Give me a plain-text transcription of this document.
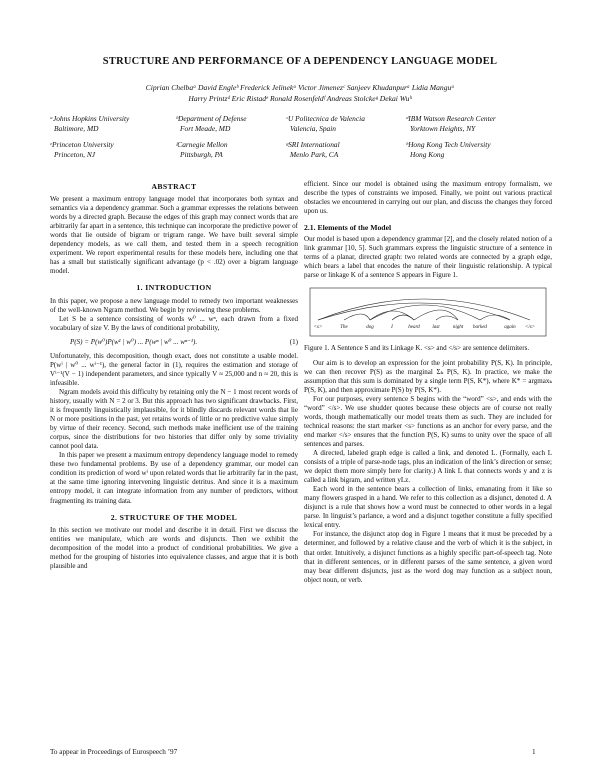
STRUCTURE AND PERFORMANCE OF A DEPENDENCY LANGUAGE MODEL
Ciprian Chelbaᵃ David Engleᵇ Frederick Jelinekᵃ Victor Jimenezᶜ Sanjeev Khudanpurᵃ Lidia Manguᵃ
Harry Printzᵈ Eric Ristadᵉ Ronald Rosenfeldᶠ Andreas Stolckeᵍ Dekai Wuʰ
ᵃJohns Hopkins University
Baltimore, MD
ᵇDepartment of Defense
Fort Meade, MD
ᶜU Politecnica de Valencia
Valencia, Spain
ᵈIBM Watson Research Center
Yorktown Heights, NY
ᵉPrinceton University
Princeton, NJ
ᶠCarnegie Mellon
Pittsburgh, PA
ᵍSRI International
Menlo Park, CA
ʰHong Kong Tech University
Hong Kong
ABSTRACT

We present a maximum entropy language model that incorporates both syntax and semantics via a dependency grammar. Such a grammar expresses the relations between words by a directed graph. Because the edges of this graph may connect words that are arbitrarily far apart in a sentence, this technique can incorporate the predictive power of words that lie outside of bigram or trigram range. We have built several simple dependency models, as we call them, and tested them in a speech recognition experiment. We report experimental results for these models here, including one that has a small but statistically significant advantage (p < .02) over a bigram language model.

1. INTRODUCTION

In this paper, we propose a new language model to remedy two important weaknesses of the well-known Ngram method. We begin by reviewing these problems.

Let S be a sentence consisting of words w⁰ ... wⁿ, each drawn from a fixed vocabulary of size V. By the laws of conditional probability,

P(S) = P(w⁰)P(w¹ | w⁰) ... P(wⁿ | w⁰ ... wⁿ⁻¹).	(1)

Unfortunately, this decomposition, though exact, does not constitute a usable model. P(wⁱ | w⁰ ... wⁱ⁻¹), the general factor in (1), requires the estimation and storage of Vⁱ⁻¹(V − 1) independent parameters, and since typically V ≈ 25,000 and n ≈ 20, this is infeasible.

Ngram models avoid this difficulty by retaining only the N − 1 most recent words of history, usually with N = 2 or 3. But this approach has two significant drawbacks. First, it is frequently linguistically implausible, for it blindly discards relevant words that lie N or more positions in the past, yet retains words of little or no predictive value simply by virtue of their recency. Second, such methods make inefficient use of the training corpus, since the distributions for two histories that differ only by some triviality cannot pool data.

In this paper we present a maximum entropy dependency language model to remedy these two fundamental problems. By use of a dependency grammar, our model can condition its prediction of word wⁱ upon related words that lie arbitrarily far in the past, at the same time ignoring intervening linguistic detritus. And since it is a maximum entropy model, it can integrate information from any number of predictors, without fragmenting its training data.

2. STRUCTURE OF THE MODEL

In this section we motivate our model and describe it in detail. First we discuss the entities we manipulate, which are words and disjuncts. Then we exhibit the decomposition of the model into a product of conditional probabilities. We give a method for the grouping of histories into equivalence classes, and argue that it is both plausible and

efficient. Since our model is obtained using the maximum entropy formalism, we describe the types of constraints we imposed. Finally, we point out various practical obstacles we encountered in carrying out our plan, and discuss the changes they forced upon us.

2.1. Elements of the Model

Our model is based upon a dependency grammar [2], and the closely related notion of a link grammar [10, 5]. Such grammars express the linguistic structure of a sentence in terms of a planar, directed graph: two related words are connected by a graph edge, which bears a label that encodes the nature of their linguistic relationship. A typical parse or linkage K of a sentence S appears in Figure 1.

<s>	The	dog	I	heard	last	night barked	again </s>
Figure 1. A Sentence S and its Linkage K. <s> and </s> are sentence delimiters.

Our aim is to develop an expression for the joint probability P(S, K). In principle, we can then recover P(S) as the marginal Σₖ P(S, K). In practice, we make the assumption that this sum is dominated by a single term P(S, K*), where K* = argmaxₖ P(S, K), and then approximate P(S) by P(S, K*).

For our purposes, every sentence S begins with the “word” <s>, and ends with the “word” </s>. We use shudder quotes because these objects are of course not really words, though mathematically our model treats them as such. They are included for technical reasons: the start marker <s> functions as an anchor for every parse, and the end marker </s> ensures that the function P(S, K) sums to unity over the space of all sentences and parses.

A directed, labeled graph edge is called a link, and denoted L. (Formally, each L consists of a triple of parse-node tags, plus an indication of the link’s direction or sense; we depict them more simply here for clarity.) A link L that connects words y and z is called a link bigram, and written yLz.

Each word in the sentence bears a collection of links, emanating from it like so many flowers grasped in a hand. We refer to this collection as a disjunct, denoted d. A disjunct is a rule that shows how a word must be connected to other words in a legal parse. In linguist’s parlance, a word and a disjunct together constitute a fully specified lexical entry.

For instance, the disjunct atop dog in Figure 1 means that it must be preceded by a determiner, and followed by a relative clause and the verb of which it is the subject, in that order. Intuitively, a disjunct functions as a highly specific part-of-speech tag. Note that in different sentences, or in different parses of the same sentence, a given word may bear different disjuncts, just as the word dog may function as a subject noun, object noun, or verb.

To appear in Proceedings of Eurospeech ’97	1
